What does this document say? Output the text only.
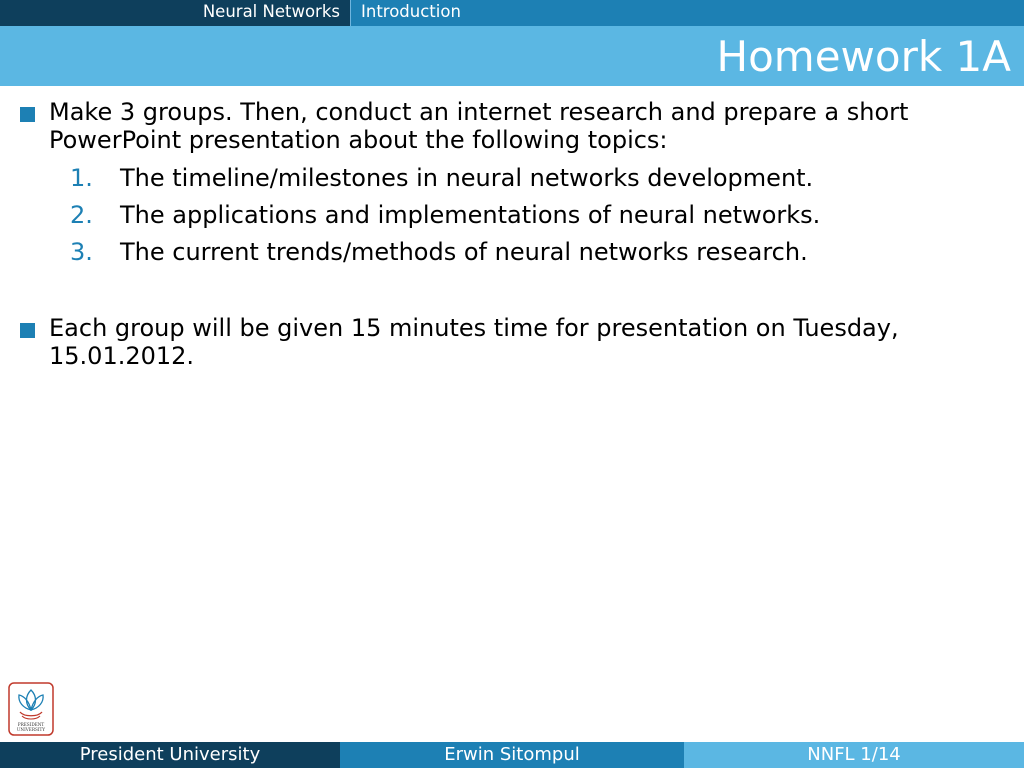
Neural Networks	Introduction
Homework 1A
Make 3 groups. Then, conduct an internet research and prepare a short PowerPoint presentation about the following topics:
1. The timeline/milestones in neural networks development.
2. The applications and implementations of neural networks.
3. The current trends/methods of neural networks research.
Each group will be given 15 minutes time for presentation on Tuesday, 15.01.2012.
PRESIDENT
UNIVERSITY
President University	Erwin Sitompul	NNFL 1/14
